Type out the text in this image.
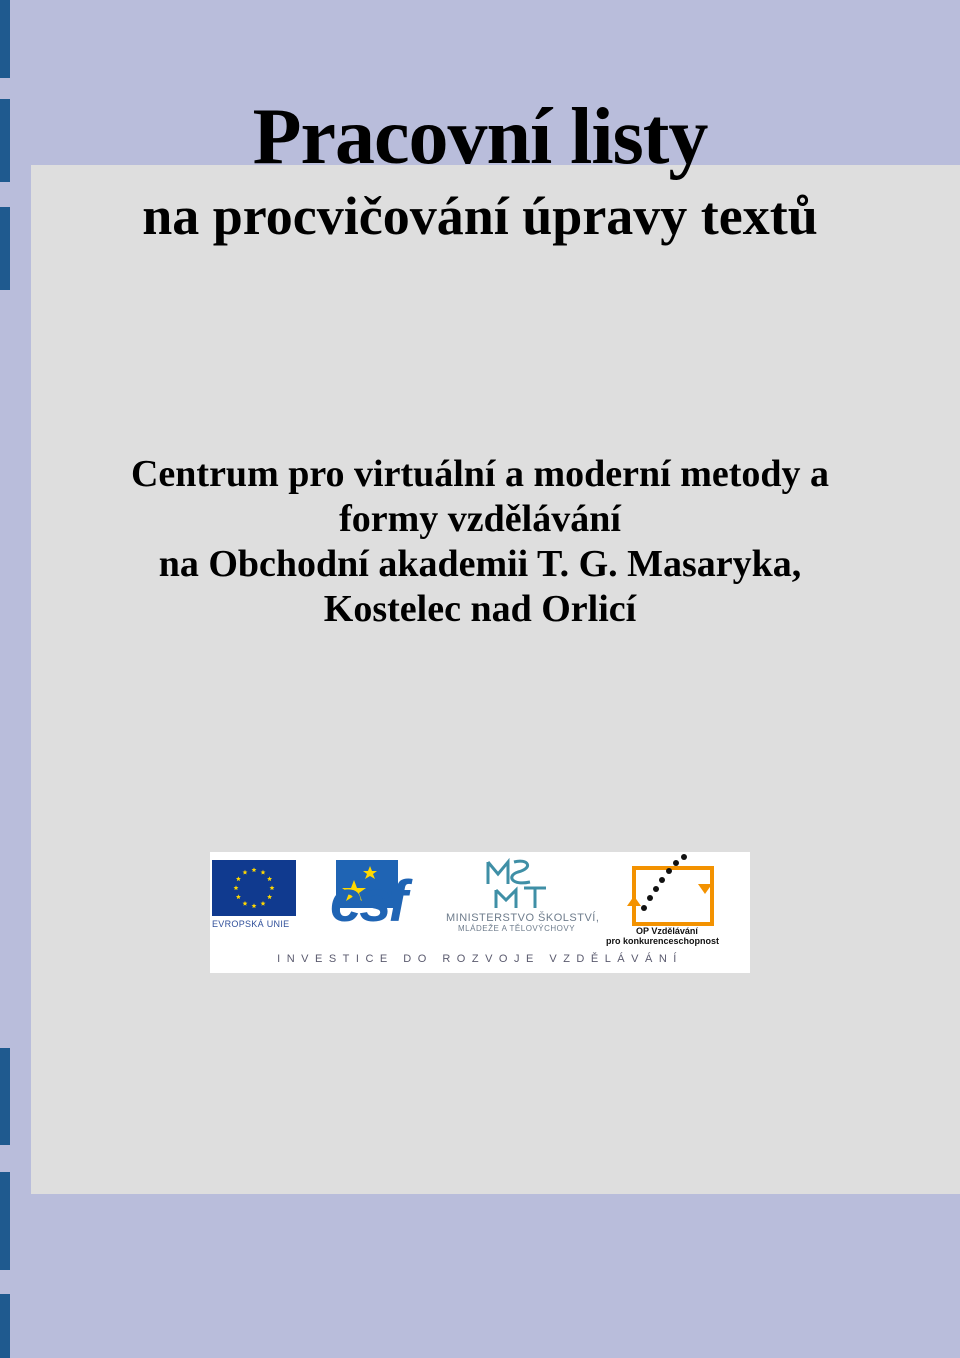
Pracovní listy
na procvičování úpravy textů
Centrum pro virtuální a moderní metody a
formy vzdělávání
na Obchodní akademii T. G. Masaryka,
Kostelec nad Orlicí
EVROPSKÁ UNIE esf	MINISTERSTVO ŠKOLSTVÍ,
MLÁDEŽE A TĚLOVÝCHOVY	OP Vzdělávání
pro konkurenceschopnost
INVESTICE DO ROZVOJE VZDĚLÁVÁNÍ
